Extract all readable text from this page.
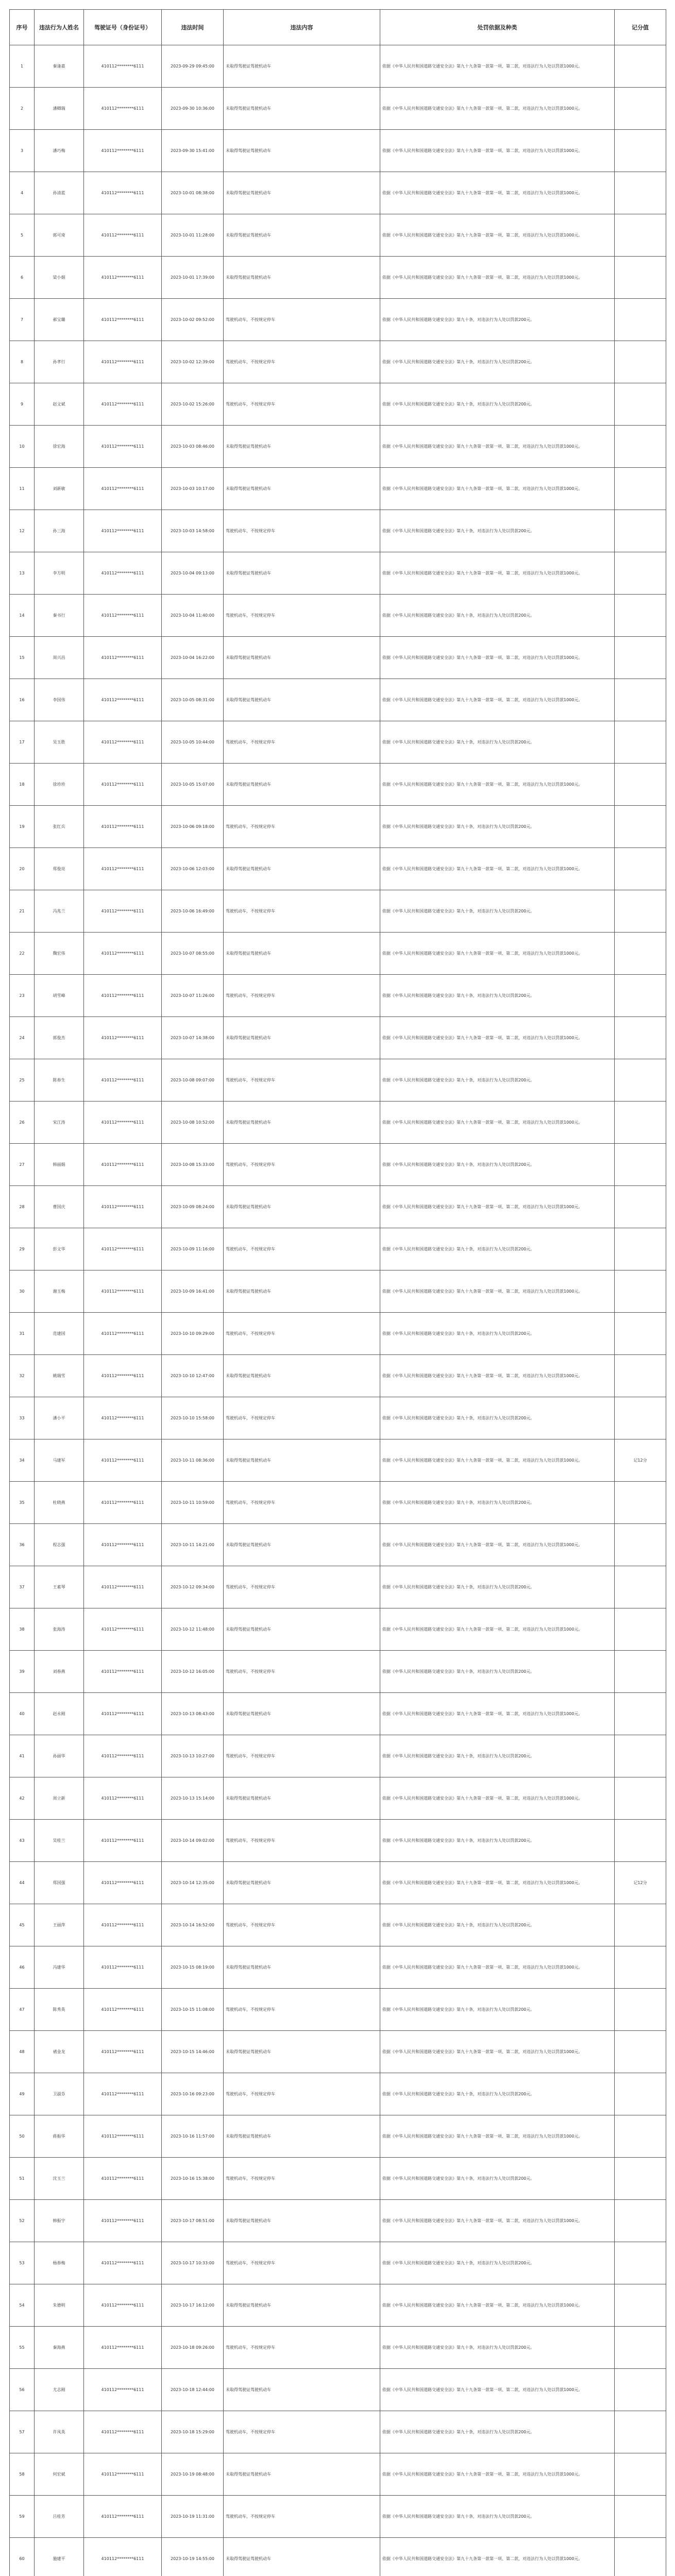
序号	违法行为人姓名	驾驶证号（身份证号）	违法时间	违法内容	处罚依据及种类	记分值
1	秦逢嘉	410112********6111	2023-09-29 09:45:00	未取得驾驶证驾驶机动车	依据《中华人民共和国道路交通安全法》第九十九条第一款第一项、第二款，对违法行为人处以罚款1000元。	
2	潘卿瑞	410112********6111	2023-09-30 10:36:00	未取得驾驶证驾驶机动车	依据《中华人民共和国道路交通安全法》第九十九条第一款第一项、第二款，对违法行为人处以罚款1000元。	
3	潘巧梅	410112********6111	2023-09-30 15:41:00	未取得驾驶证驾驶机动车	依据《中华人民共和国道路交通安全法》第九十九条第一款第一项、第二款，对违法行为人处以罚款1000元。	
4	孙清蓝	410112********6111	2023-10-01 08:38:00	未取得驾驶证驾驶机动车	依据《中华人民共和国道路交通安全法》第九十九条第一款第一项、第二款，对违法行为人处以罚款1000元。	
5	郭可琦	410112********6111	2023-10-01 11:28:00	未取得驾驶证驾驶机动车	依据《中华人民共和国道路交通安全法》第九十九条第一款第一项、第二款，对违法行为人处以罚款1000元。	
6	梁小娟	410112********6111	2023-10-01 17:39:00	未取得驾驶证驾驶机动车	依据《中华人民共和国道路交通安全法》第九十九条第一款第一项、第二款，对违法行为人处以罚款1000元。	
7	郝宝璐	410112********6111	2023-10-02 09:52:00	驾驶机动车，不按规定停车	依据《中华人民共和国道路交通安全法》第九十条，对违法行为人处以罚款200元。	
8	孙孝行	410112********6111	2023-10-02 12:39:00	驾驶机动车，不按规定停车	依据《中华人民共和国道路交通安全法》第九十条，对违法行为人处以罚款200元。	
9	赵文斌	410112********6111	2023-10-02 15:26:00	驾驶机动车，不按规定停车	依据《中华人民共和国道路交通安全法》第九十条，对违法行为人处以罚款200元。	
10	徐宏海	410112********6111	2023-10-03 08:46:00	未取得驾驶证驾驶机动车	依据《中华人民共和国道路交通安全法》第九十九条第一款第一项、第二款，对违法行为人处以罚款1000元。	
11	刘新敏	410112********6111	2023-10-03 10:17:00	未取得驾驶证驾驶机动车	依据《中华人民共和国道路交通安全法》第九十九条第一款第一项、第二款，对违法行为人处以罚款1000元。	
12	孙三海	410112********6111	2023-10-03 14:58:00	驾驶机动车，不按规定停车	依据《中华人民共和国道路交通安全法》第九十条，对违法行为人处以罚款200元。	
13	李方明	410112********6111	2023-10-04 09:13:00	未取得驾驶证驾驶机动车	依据《中华人民共和国道路交通安全法》第九十九条第一款第一项、第二款，对违法行为人处以罚款1000元。	
14	秦书行	410112********6111	2023-10-04 11:40:00	驾驶机动车，不按规定停车	依据《中华人民共和国道路交通安全法》第九十条，对违法行为人处以罚款200元。	
15	周兴昌	410112********6111	2023-10-04 16:22:00	未取得驾驶证驾驶机动车	依据《中华人民共和国道路交通安全法》第九十九条第一款第一项、第二款，对违法行为人处以罚款1000元。	
16	李国伟	410112********6111	2023-10-05 08:31:00	未取得驾驶证驾驶机动车	依据《中华人民共和国道路交通安全法》第九十九条第一款第一项、第二款，对违法行为人处以罚款1000元。	
17	吴玉胜	410112********6111	2023-10-05 10:44:00	驾驶机动车，不按规定停车	依据《中华人民共和国道路交通安全法》第九十条，对违法行为人处以罚款200元。	
18	徐珍珍	410112********6111	2023-10-05 15:07:00	未取得驾驶证驾驶机动车	依据《中华人民共和国道路交通安全法》第九十九条第一款第一项、第二款，对违法行为人处以罚款1000元。	
19	张红兵	410112********6111	2023-10-06 09:18:00	驾驶机动车，不按规定停车	依据《中华人民共和国道路交通安全法》第九十条，对违法行为人处以罚款200元。	
20	郑俊亮	410112********6111	2023-10-06 12:03:00	未取得驾驶证驾驶机动车	依据《中华人民共和国道路交通安全法》第九十九条第一款第一项、第二款，对违法行为人处以罚款1000元。	
21	冯兆兰	410112********6111	2023-10-06 16:49:00	驾驶机动车，不按规定停车	依据《中华人民共和国道路交通安全法》第九十条，对违法行为人处以罚款200元。	
22	魏宏伟	410112********6111	2023-10-07 08:55:00	未取得驾驶证驾驶机动车	依据《中华人民共和国道路交通安全法》第九十九条第一款第一项、第二款，对违法行为人处以罚款1000元。	
23	胡雪峰	410112********6111	2023-10-07 11:26:00	驾驶机动车，不按规定停车	依据《中华人民共和国道路交通安全法》第九十条，对违法行为人处以罚款200元。	
24	郭俊杰	410112********6111	2023-10-07 14:38:00	未取得驾驶证驾驶机动车	依据《中华人民共和国道路交通安全法》第九十九条第一款第一项、第二款，对违法行为人处以罚款1000元。	
25	陈春生	410112********6111	2023-10-08 09:07:00	驾驶机动车，不按规定停车	依据《中华人民共和国道路交通安全法》第九十条，对违法行为人处以罚款200元。	
26	宋江涛	410112********6111	2023-10-08 10:52:00	未取得驾驶证驾驶机动车	依据《中华人民共和国道路交通安全法》第九十九条第一款第一项、第二款，对违法行为人处以罚款1000元。	
27	韩丽娟	410112********6111	2023-10-08 15:33:00	驾驶机动车，不按规定停车	依据《中华人民共和国道路交通安全法》第九十条，对违法行为人处以罚款200元。	
28	曹国庆	410112********6111	2023-10-09 08:24:00	未取得驾驶证驾驶机动车	依据《中华人民共和国道路交通安全法》第九十九条第一款第一项、第二款，对违法行为人处以罚款1000元。	
29	彭文华	410112********6111	2023-10-09 11:16:00	驾驶机动车，不按规定停车	依据《中华人民共和国道路交通安全法》第九十条，对违法行为人处以罚款200元。	
30	谢玉梅	410112********6111	2023-10-09 16:41:00	未取得驾驶证驾驶机动车	依据《中华人民共和国道路交通安全法》第九十九条第一款第一项、第二款，对违法行为人处以罚款1000元。	
31	范建国	410112********6111	2023-10-10 09:29:00	驾驶机动车，不按规定停车	依据《中华人民共和国道路交通安全法》第九十条，对违法行为人处以罚款200元。	
32	姚瑞雪	410112********6111	2023-10-10 12:47:00	未取得驾驶证驾驶机动车	依据《中华人民共和国道路交通安全法》第九十九条第一款第一项、第二款，对违法行为人处以罚款1000元。	
33	潘小平	410112********6111	2023-10-10 15:58:00	驾驶机动车，不按规定停车	依据《中华人民共和国道路交通安全法》第九十条，对违法行为人处以罚款200元。	
34	马建军	410112********6111	2023-10-11 08:36:00	未取得驾驶证驾驶机动车	依据《中华人民共和国道路交通安全法》第九十九条第一款第一项、第二款，对违法行为人处以罚款1000元。	记12分
35	杜晓燕	410112********6111	2023-10-11 10:59:00	驾驶机动车，不按规定停车	依据《中华人民共和国道路交通安全法》第九十条，对违法行为人处以罚款200元。	
36	程志强	410112********6111	2023-10-11 14:21:00	未取得驾驶证驾驶机动车	依据《中华人民共和国道路交通安全法》第九十九条第一款第一项、第二款，对违法行为人处以罚款1000元。	
37	王素琴	410112********6111	2023-10-12 09:34:00	驾驶机动车，不按规定停车	依据《中华人民共和国道路交通安全法》第九十条，对违法行为人处以罚款200元。	
38	张海涛	410112********6111	2023-10-12 11:48:00	未取得驾驶证驾驶机动车	依据《中华人民共和国道路交通安全法》第九十九条第一款第一项、第二款，对违法行为人处以罚款1000元。	
39	刘春燕	410112********6111	2023-10-12 16:05:00	驾驶机动车，不按规定停车	依据《中华人民共和国道路交通安全法》第九十条，对违法行为人处以罚款200元。	
40	赵永刚	410112********6111	2023-10-13 08:43:00	未取得驾驶证驾驶机动车	依据《中华人民共和国道路交通安全法》第九十九条第一款第一项、第二款，对违法行为人处以罚款1000元。	
41	孙丽华	410112********6111	2023-10-13 10:27:00	驾驶机动车，不按规定停车	依据《中华人民共和国道路交通安全法》第九十条，对违法行为人处以罚款200元。	
42	周立新	410112********6111	2023-10-13 15:14:00	未取得驾驶证驾驶机动车	依据《中华人民共和国道路交通安全法》第九十九条第一款第一项、第二款，对违法行为人处以罚款1000元。	
43	吴桂兰	410112********6111	2023-10-14 09:02:00	驾驶机动车，不按规定停车	依据《中华人民共和国道路交通安全法》第九十条，对违法行为人处以罚款200元。	
44	郑国强	410112********6111	2023-10-14 12:35:00	未取得驾驶证驾驶机动车	依据《中华人民共和国道路交通安全法》第九十九条第一款第一项、第二款，对违法行为人处以罚款1000元。	记12分
45	王丽萍	410112********6111	2023-10-14 16:52:00	驾驶机动车，不按规定停车	依据《中华人民共和国道路交通安全法》第九十条，对违法行为人处以罚款200元。	
46	冯建华	410112********6111	2023-10-15 08:19:00	未取得驾驶证驾驶机动车	依据《中华人民共和国道路交通安全法》第九十九条第一款第一项、第二款，对违法行为人处以罚款1000元。	
47	陈秀英	410112********6111	2023-10-15 11:08:00	驾驶机动车，不按规定停车	依据《中华人民共和国道路交通安全法》第九十条，对违法行为人处以罚款200元。	
48	褚金龙	410112********6111	2023-10-15 14:46:00	未取得驾驶证驾驶机动车	依据《中华人民共和国道路交通安全法》第九十九条第一款第一项、第二款，对违法行为人处以罚款1000元。	
49	卫淑芬	410112********6111	2023-10-16 09:23:00	驾驶机动车，不按规定停车	依据《中华人民共和国道路交通安全法》第九十条，对违法行为人处以罚款200元。	
50	蒋振华	410112********6111	2023-10-16 11:57:00	未取得驾驶证驾驶机动车	依据《中华人民共和国道路交通安全法》第九十九条第一款第一项、第二款，对违法行为人处以罚款1000元。	
51	沈玉兰	410112********6111	2023-10-16 15:38:00	驾驶机动车，不按规定停车	依据《中华人民共和国道路交通安全法》第九十条，对违法行为人处以罚款200元。	
52	韩振宇	410112********6111	2023-10-17 08:51:00	未取得驾驶证驾驶机动车	依据《中华人民共和国道路交通安全法》第九十九条第一款第一项、第二款，对违法行为人处以罚款1000元。	
53	杨春梅	410112********6111	2023-10-17 10:33:00	驾驶机动车，不按规定停车	依据《中华人民共和国道路交通安全法》第九十条，对违法行为人处以罚款200元。	
54	朱德明	410112********6111	2023-10-17 16:12:00	未取得驾驶证驾驶机动车	依据《中华人民共和国道路交通安全法》第九十九条第一款第一项、第二款，对违法行为人处以罚款1000元。	
55	秦海燕	410112********6111	2023-10-18 09:26:00	驾驶机动车，不按规定停车	依据《中华人民共和国道路交通安全法》第九十条，对违法行为人处以罚款200元。	
56	尤志刚	410112********6111	2023-10-18 12:44:00	未取得驾驶证驾驶机动车	依据《中华人民共和国道路交通安全法》第九十九条第一款第一项、第二款，对违法行为人处以罚款1000元。	
57	许凤英	410112********6111	2023-10-18 15:29:00	驾驶机动车，不按规定停车	依据《中华人民共和国道路交通安全法》第九十条，对违法行为人处以罚款200元。	
58	何宏斌	410112********6111	2023-10-19 08:48:00	未取得驾驶证驾驶机动车	依据《中华人民共和国道路交通安全法》第九十九条第一款第一项、第二款，对违法行为人处以罚款1000元。	
59	吕桂芳	410112********6111	2023-10-19 11:31:00	驾驶机动车，不按规定停车	依据《中华人民共和国道路交通安全法》第九十条，对违法行为人处以罚款200元。	
60	施建平	410112********6111	2023-10-19 14:55:00	未取得驾驶证驾驶机动车	依据《中华人民共和国道路交通安全法》第九十九条第一款第一项、第二款，对违法行为人处以罚款1000元。	
